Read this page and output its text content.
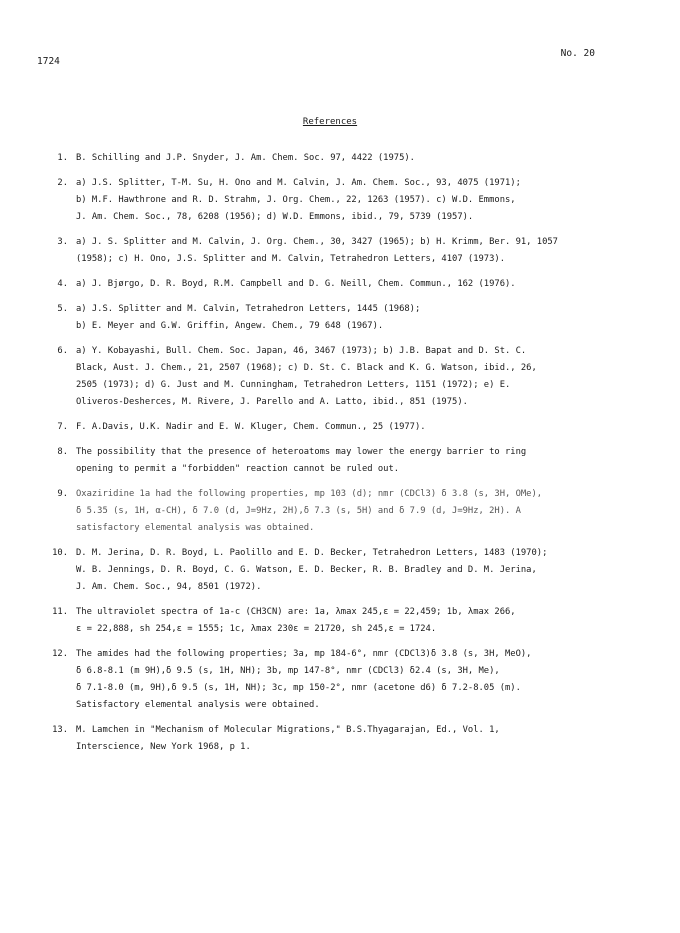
1724
No. 20
References
1. B. Schilling and J.P. Snyder, J. Am. Chem. Soc. 97, 4422 (1975).
2. a) J.S. Splitter, T-M. Su, H. Ono and M. Calvin, J. Am. Chem. Soc., 93, 4075 (1971);
b) M.F. Hawthrone and R. D. Strahm, J. Org. Chem., 22, 1263 (1957). c) W.D. Emmons,
J. Am. Chem. Soc., 78, 6208 (1956); d) W.D. Emmons, ibid., 79, 5739 (1957).
3. a) J. S. Splitter and M. Calvin, J. Org. Chem., 30, 3427 (1965); b) H. Krimm, Ber. 91, 1057
(1958); c) H. Ono, J.S. Splitter and M. Calvin, Tetrahedron Letters, 4107 (1973).
4. a) J. Bjørgo, D. R. Boyd, R.M. Campbell and D. G. Neill, Chem. Commun., 162 (1976).
5. a) J.S. Splitter and M. Calvin, Tetrahedron Letters, 1445 (1968);
b) E. Meyer and G.W. Griffin, Angew. Chem., 79 648 (1967).
6. a) Y. Kobayashi, Bull. Chem. Soc. Japan, 46, 3467 (1973); b) J.B. Bapat and D. St. C.
Black, Aust. J. Chem., 21, 2507 (1968); c) D. St. C. Black and K. G. Watson, ibid., 26,
2505 (1973); d) G. Just and M. Cunningham, Tetrahedron Letters, 1151 (1972); e) E.
Oliveros-Desherces, M. Rivere, J. Parello and A. Latto, ibid., 851 (1975).
7. F. A.Davis, U.K. Nadir and E. W. Kluger, Chem. Commun., 25 (1977).
8. The possibility that the presence of heteroatoms may lower the energy barrier to ring
opening to permit a "forbidden" reaction cannot be ruled out.
9. Oxaziridine 1a had the following properties, mp 103 (d); nmr (CDCl3) δ 3.8 (s, 3H, OMe),
δ 5.35 (s, 1H, α-CH), δ 7.0 (d, J=9Hz, 2H),δ 7.3 (s, 5H) and δ 7.9 (d, J=9Hz, 2H). A
satisfactory elemental analysis was obtained.
10. D. M. Jerina, D. R. Boyd, L. Paolillo and E. D. Becker, Tetrahedron Letters, 1483 (1970);
W. B. Jennings, D. R. Boyd, C. G. Watson, E. D. Becker, R. B. Bradley and D. M. Jerina,
J. Am. Chem. Soc., 94, 8501 (1972).
11. The ultraviolet spectra of 1a-c (CH3CN) are: 1a, λmax 245,ε = 22,459; 1b, λmax 266,
ε = 22,888, sh 254,ε = 1555; 1c, λmax 230ε = 21720, sh 245,ε = 1724.
12. The amides had the following properties; 3a, mp 184-6°, nmr (CDCl3)δ 3.8 (s, 3H, MeO),
δ 6.8-8.1 (m 9H),δ 9.5 (s, 1H, NH); 3b, mp 147-8°, nmr (CDCl3) δ2.4 (s, 3H, Me),
δ 7.1-8.0 (m, 9H),δ 9.5 (s, 1H, NH); 3c, mp 150-2°, nmr (acetone d6) δ 7.2-8.05 (m).
Satisfactory elemental analysis were obtained.
13. M. Lamchen in "Mechanism of Molecular Migrations," B.S.Thyagarajan, Ed., Vol. 1,
Interscience, New York 1968, p 1.
